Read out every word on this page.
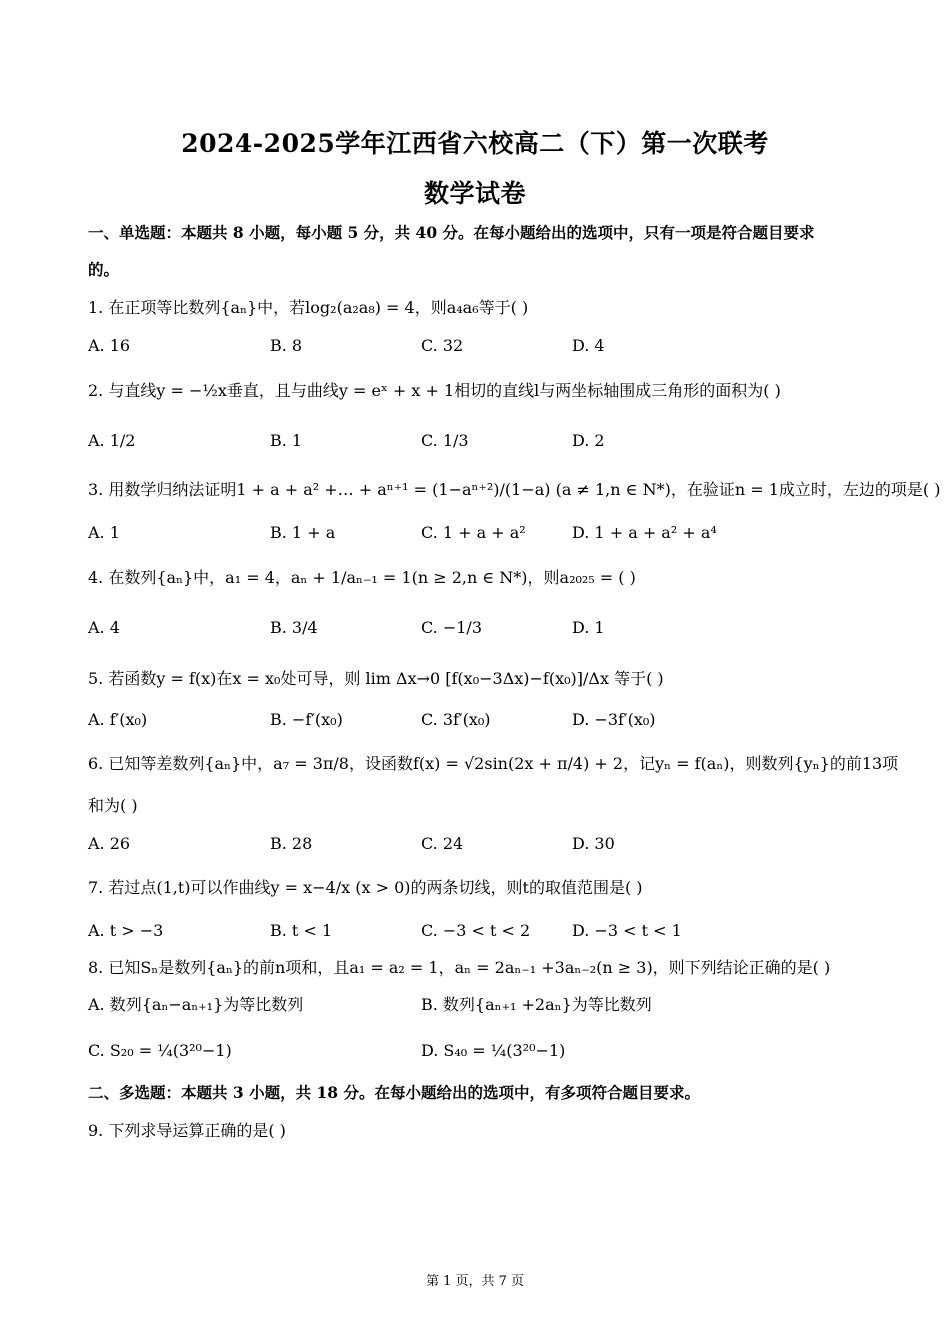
2024-2025学年江西省六校高二（下）第一次联考
数学试卷
一、单选题：本题共 8 小题，每小题 5 分，共 40 分。在每小题给出的选项中，只有一项是符合题目要求
的。
1. 在正项等比数列{aₙ}中，若log₂(a₂a₈) = 4，则a₄a₆等于( )
A. 16	B. 8	C. 32	D. 4
2. 与直线y = −½x垂直，且与曲线y = eˣ + x + 1相切的直线l与两坐标轴围成三角形的面积为( )
A. 1/2	B. 1	C. 1/3	D. 2
3. 用数学归纳法证明1 + a + a² +… + aⁿ⁺¹ = (1−aⁿ⁺²)/(1−a) (a ≠ 1,n ∈ N*)，在验证n = 1成立时，左边的项是( )
A. 1	B. 1 + a	C. 1 + a + a²	D. 1 + a + a² + a⁴
4. 在数列{aₙ}中，a₁ = 4，aₙ + 1/aₙ₋₁ = 1(n ≥ 2,n ∈ N*)，则a₂₀₂₅ = ( )
A. 4	B. 3/4	C. −1/3	D. 1
5. 若函数y = f(x)在x = x₀处可导，则 lim Δx→0 [f(x₀−3Δx)−f(x₀)]/Δx 等于( )
A. f′(x₀)	B. −f′(x₀)	C. 3f′(x₀)	D. −3f′(x₀)
6. 已知等差数列{aₙ}中，a₇ = 3π/8，设函数f(x) = √2sin(2x + π/4) + 2，记yₙ = f(aₙ)，则数列{yₙ}的前13项
和为( )
A. 26	B. 28	C. 24	D. 30
7. 若过点(1,t)可以作曲线y = x−4/x (x > 0)的两条切线，则t的取值范围是( )
A. t > −3	B. t < 1	C. −3 < t < 2	D. −3 < t < 1
8. 已知Sₙ是数列{aₙ}的前n项和，且a₁ = a₂ = 1，aₙ = 2aₙ₋₁ +3aₙ₋₂(n ≥ 3)，则下列结论正确的是( )
A. 数列{aₙ−aₙ₊₁}为等比数列	B. 数列{aₙ₊₁ +2aₙ}为等比数列
C. S₂₀ = ¼(3²⁰−1)	D. S₄₀ = ¼(3²⁰−1)
二、多选题：本题共 3 小题，共 18 分。在每小题给出的选项中，有多项符合题目要求。
9. 下列求导运算正确的是( )
第 1 页，共 7 页
